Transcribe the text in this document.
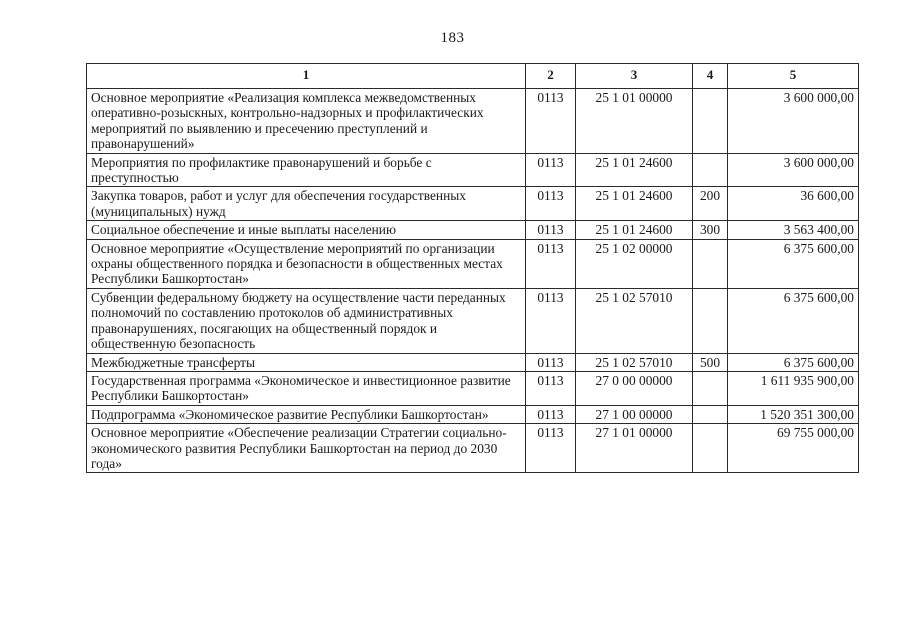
183
1	2	3	4	5
Основное мероприятие «Реализация комплекса межведомственных оперативно-розыскных, контрольно-надзорных и профилактических мероприятий по выявлению и пресечению преступлений и правонарушений»	0113	25 1 01 00000		3 600 000,00
Мероприятия по профилактике правонарушений и борьбе с преступностью	0113	25 1 01 24600		3 600 000,00
Закупка товаров, работ и услуг для обеспечения государственных (муниципальных) нужд	0113	25 1 01 24600	200	36 600,00
Социальное обеспечение и иные выплаты населению	0113	25 1 01 24600	300	3 563 400,00
Основное мероприятие «Осуществление мероприятий по организации охраны общественного порядка и безопасности в общественных местах Республики Башкортостан»	0113	25 1 02 00000		6 375 600,00
Субвенции федеральному бюджету на осуществление части переданных полномочий по составлению протоколов об административных правонарушениях, посягающих на общественный порядок и общественную безопасность	0113	25 1 02 57010		6 375 600,00
Межбюджетные трансферты	0113	25 1 02 57010	500	6 375 600,00
Государственная программа «Экономическое и инвестиционное развитие Республики Башкортостан»	0113	27 0 00 00000		1 611 935 900,00
Подпрограмма «Экономическое развитие Республики Башкортостан»	0113	27 1 00 00000		1 520 351 300,00
Основное мероприятие «Обеспечение реализации Стратегии социально-экономического развития Республики Башкортостан на период до 2030 года»	0113	27 1 01 00000		69 755 000,00
